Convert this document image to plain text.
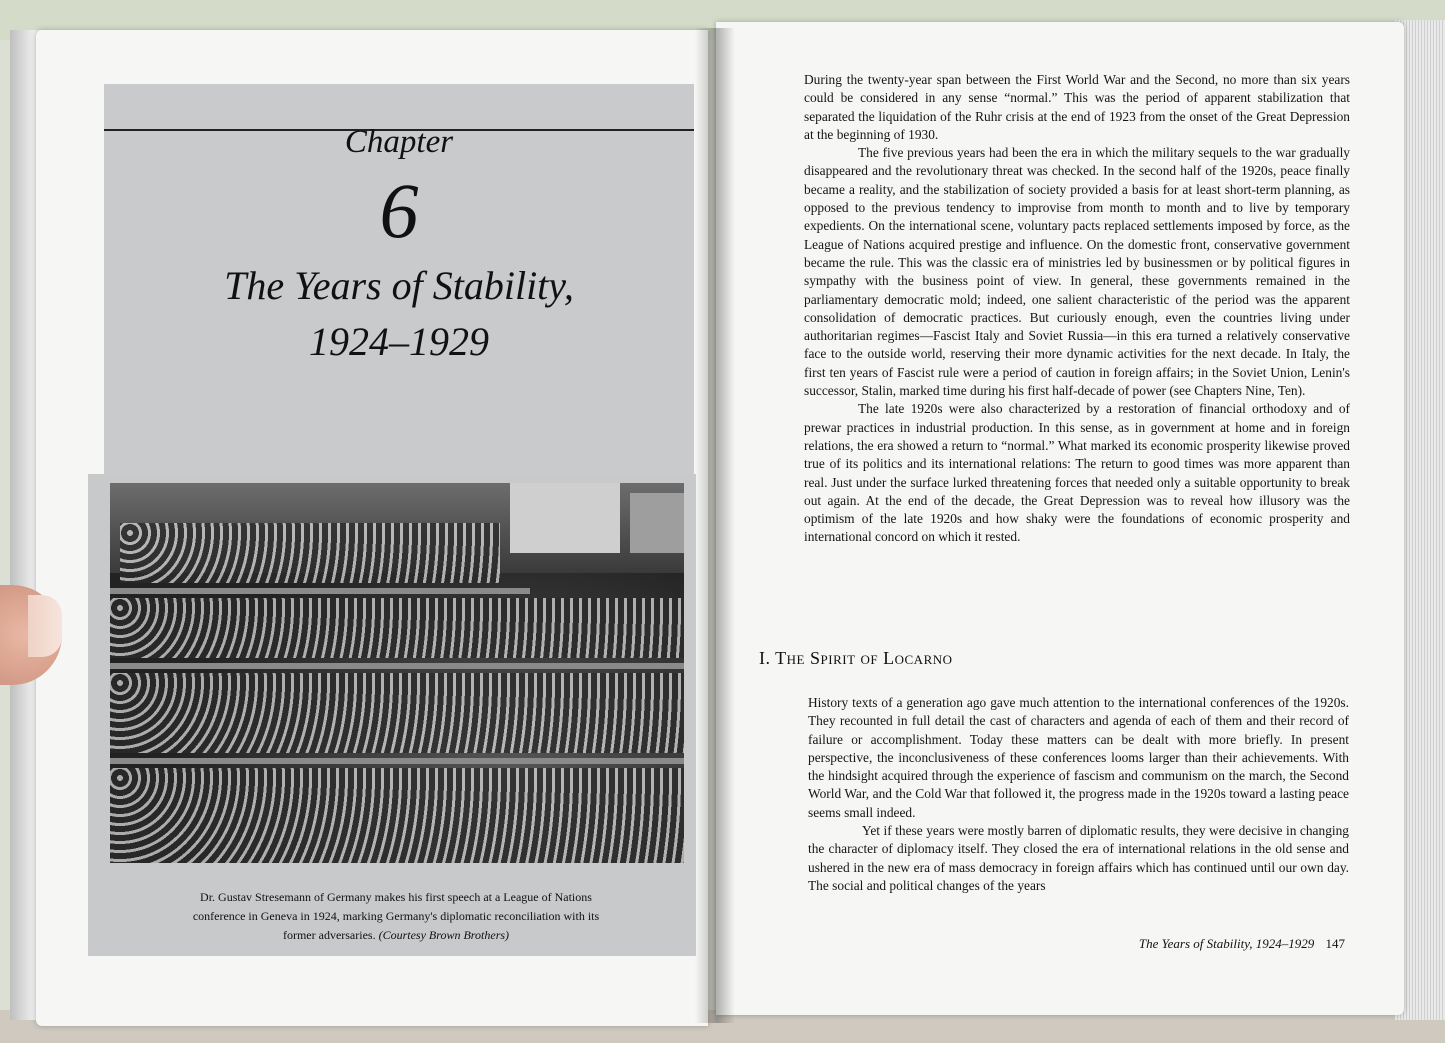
Chapter
6
The Years of Stability,
1924–1929
Dr. Gustav Stresemann of Germany makes his first speech at a League of Nations conference in Geneva in 1924, marking Germany's diplomatic reconciliation with its former adversaries. (Courtesy Brown Brothers)

During the twenty-year span between the First World War and the Second, no more than six years could be considered in any sense “normal.” This was the period of apparent stabilization that separated the liquidation of the Ruhr crisis at the end of 1923 from the onset of the Great Depression at the beginning of 1930.

The five previous years had been the era in which the military sequels to the war gradually disappeared and the revolutionary threat was checked. In the second half of the 1920s, peace finally became a reality, and the stabilization of society provided a basis for at least short-term planning, as opposed to the previous tendency to improvise from month to month and to live by temporary expedients. On the international scene, voluntary pacts replaced settlements imposed by force, as the League of Nations acquired prestige and influence. On the domestic front, conservative government became the rule. This was the classic era of ministries led by businessmen or by political figures in sympathy with the business point of view. In general, these governments remained in the parliamentary democratic mold; indeed, one salient characteristic of the period was the apparent consolidation of democratic practices. But curiously enough, even the countries living under authoritarian regimes—Fascist Italy and Soviet Russia—in this era turned a relatively conservative face to the outside world, reserving their more dynamic activities for the next decade. In Italy, the first ten years of Fascist rule were a period of caution in foreign affairs; in the Soviet Union, Lenin's successor, Stalin, marked time during his first half-decade of power (see Chapters Nine, Ten).

The late 1920s were also characterized by a restoration of financial orthodoxy and of prewar practices in industrial production. In this sense, as in government at home and in foreign relations, the era showed a return to “normal.” What marked its economic prosperity likewise proved true of its politics and its international relations: The return to good times was more apparent than real. Just under the surface lurked threatening forces that needed only a suitable opportunity to break out again. At the end of the decade, the Great Depression was to reveal how illusory was the optimism of the late 1920s and how shaky were the foundations of economic prosperity and international concord on which it rested.

I. The Spirit of Locarno

History texts of a generation ago gave much attention to the international conferences of the 1920s. They recounted in full detail the cast of characters and agenda of each of them and their record of failure or accomplishment. Today these matters can be dealt with more briefly. In present perspective, the inconclusiveness of these conferences looms larger than their achievements. With the hindsight acquired through the experience of fascism and communism on the march, the Second World War, and the Cold War that followed it, the progress made in the 1920s toward a lasting peace seems small indeed.

Yet if these years were mostly barren of diplomatic results, they were decisive in changing the character of diplomacy itself. They closed the era of international relations in the old sense and ushered in the new era of mass democracy in foreign affairs which has continued until our own day. The social and political changes of the years

The Years of Stability, 1924–1929 147
